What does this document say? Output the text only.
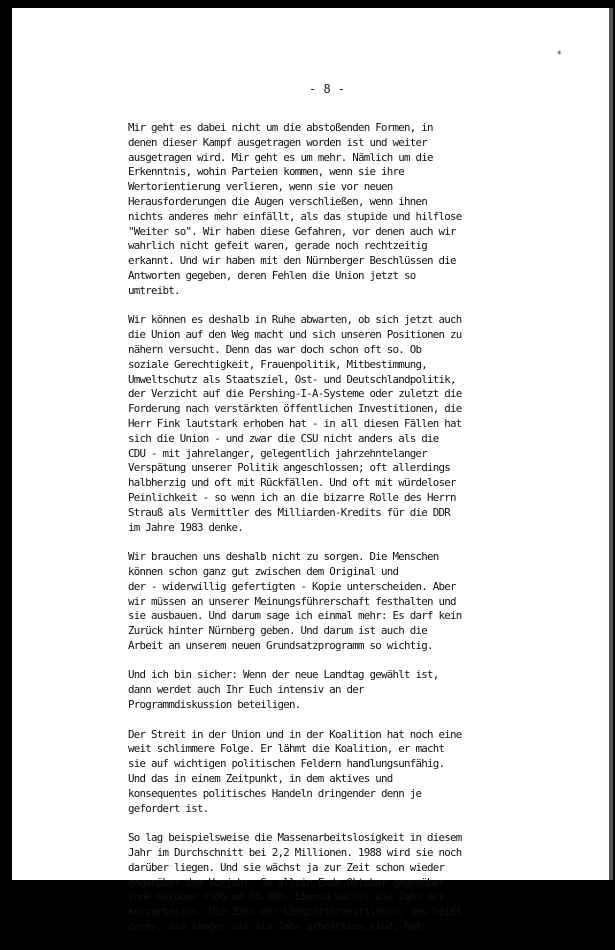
*
- 8 -
Mir geht es dabei nicht um die abstoßenden Formen, in
denen dieser Kampf ausgetragen worden ist und weiter
ausgetragen wird. Mir geht es um mehr. Nämlich um die
Erkenntnis, wohin Parteien kommen, wenn sie ihre
Wertorientierung verlieren, wenn sie vor neuen
Herausforderungen die Augen verschließen, wenn ihnen
nichts anderes mehr einfällt, als das stupide und hilflose
"Weiter so". Wir haben diese Gefahren, vor denen auch wir
wahrlich nicht gefeit waren, gerade noch rechtzeitig
erkannt. Und wir haben mit den Nürnberger Beschlüssen die
Antworten gegeben, deren Fehlen die Union jetzt so
umtreibt.
Wir können es deshalb in Ruhe abwarten, ob sich jetzt auch
die Union auf den Weg macht und sich unseren Positionen zu
nähern versucht. Denn das war doch schon oft so. Ob
soziale Gerechtigkeit, Frauenpolitik, Mitbestimmung,
Umweltschutz als Staatsziel, Ost- und Deutschlandpolitik,
der Verzicht auf die Pershing-I-A-Systeme oder zuletzt die
Forderung nach verstärkten öffentlichen Investitionen, die
Herr Fink lautstark erhoben hat - in all diesen Fällen hat
sich die Union - und zwar die CSU nicht anders als die
CDU - mit jahrelanger, gelegentlich jahrzehntelanger
Verspätung unserer Politik angeschlossen; oft allerdings
halbherzig und oft mit Rückfällen. Und oft mit würdeloser
Peinlichkeit - so wenn ich an die bizarre Rolle des Herrn
Strauß als Vermittler des Milliarden-Kredits für die DDR
im Jahre 1983 denke.
Wir brauchen uns deshalb nicht zu sorgen. Die Menschen
können schon ganz gut zwischen dem Original und
der - widerwillig gefertigten - Kopie unterscheiden. Aber
wir müssen an unserer Meinungsführerschaft festhalten und
sie ausbauen. Und darum sage ich einmal mehr: Es darf kein
Zurück hinter Nürnberg geben. Und darum ist auch die
Arbeit an unserem neuen Grundsatzprogramm so wichtig.
Und ich bin sicher: Wenn der neue Landtag gewählt ist,
dann werdet auch Ihr Euch intensiv an der
Programmdiskussion beteiligen.
Der Streit in der Union und in der Koalition hat noch eine
weit schlimmere Folge. Er lähmt die Koalition, er macht
sie auf wichtigen politischen Feldern handlungsunfähig.
Und das in einem Zeitpunkt, in dem aktives und
konsequentes politisches Handeln dringender denn je
gefordert ist.
So lag beispielsweise die Massenarbeitslosigkeit in diesem
Jahr im Durchschnitt bei 2,2 Millionen. 1988 wird sie noch
darüber liegen. Und sie wächst ja zur Zeit schon wieder
gegenüber dem Vorjahr. So allein Ende Oktober gegenüber
Ende Oktober 1986 um 66.400. Ebenso wächst die Zahl der
Kurzarbeiter. Die Zahl der Langzeitarbeitslosen, das heißt
derer, die länger als ein Jahr arbeitslos sind, hat
